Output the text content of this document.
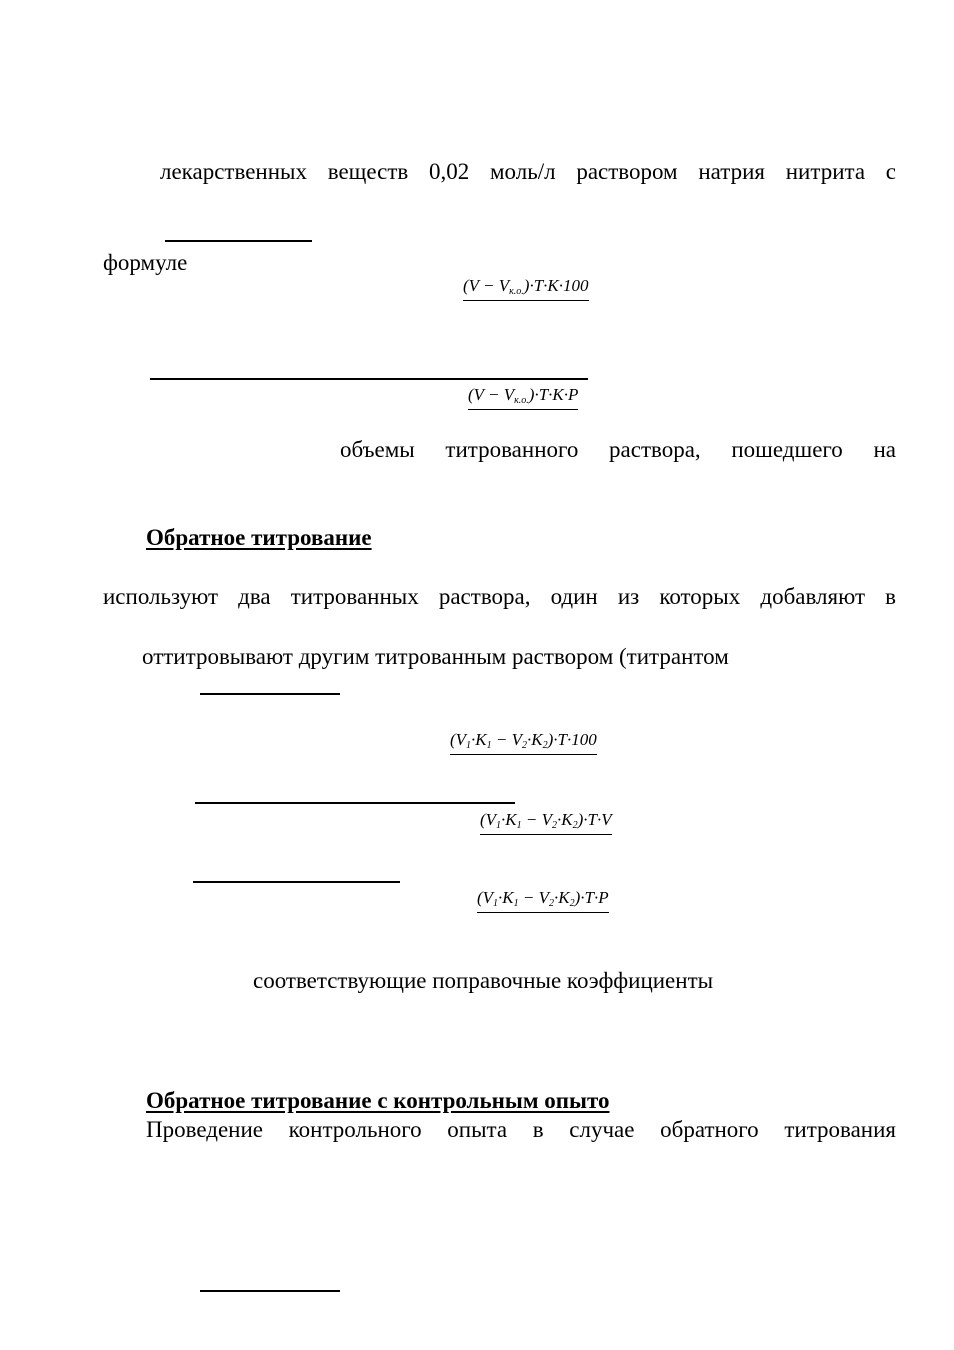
лекарственных веществ 0,02 моль/л раствором натрия нитрита с
формуле
$(V - V_{к.о.})\cdot T\cdot K\cdot 100$
$(V - V_{к.о.})\cdot T\cdot K\cdot P$
объемы титрованного раствора, пошедшего на
Обратное титрование
используют два титрованных раствора, один из которых добавляют в
оттитровывают другим титрованным раствором (титрантом
$(V_1\cdot K_1 - V_2\cdot K_2)\cdot T\cdot 100$
$(V_1\cdot K_1 - V_2\cdot K_2)\cdot T\cdot V$
$(V_1\cdot K_1 - V_2\cdot K_2)\cdot T\cdot P$
соответствующие поправочные коэффициенты
Обратное титрование с контрольным опыто
Проведение контрольного опыта в случае обратного титрования
